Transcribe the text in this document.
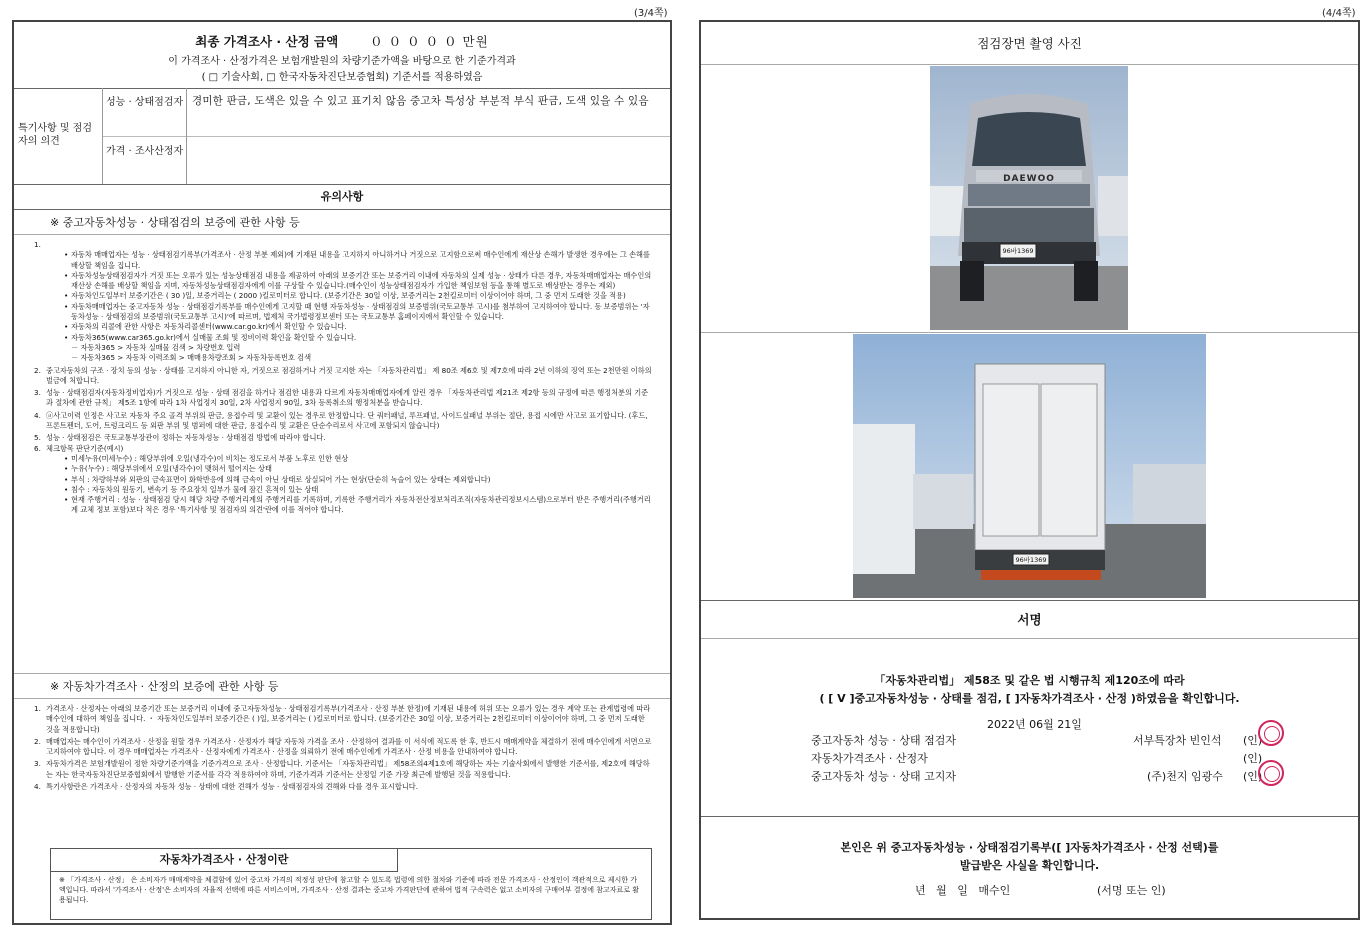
(3/4쪽)	(4/4쪽)
최종 가격조사 · 산정 금액	０ ０ ０ ０ ０ 만원
이 가격조사 · 산정가격은 보험개발원의 차량기준가액을 바탕으로 한 기준가격과
( □ 기술사회, □ 한국자동차진단보증협회) 기준서를 적용하였음
특기사항 및 점검자의 의견
성능 · 상태점검자 경미한 판금, 도색은 있을 수 있고 표기치 않음 중고차 특성상 부분적 부식 판금, 도색 있을 수 있음
가격 · 조사산정자
유의사항
※ 중고자동차성능 · 상태점검의 보증에 관한 사항 등
1.
• 자동차 매매업자는 성능 · 상태점검기록부(가격조사 · 산정 부분 제외)에 기재된 내용을 고지하지 아니하거나 거짓으로 고지함으로써 매수인에게 재산상 손해가 발생한 경우에는 그 손해를 배상할 책임을 집니다.
• 자동차성능상태점검자가 거짓 또는 오류가 있는 성능상태점검 내용을 제공하여 아래의 보증기간 또는 보증거리 이내에 자동차의 실제 성능 · 상태가 다른 경우, 자동차매매업자는 매수인의 재산상 손해를 배상할 책임을 지며, 자동차성능상태점검자에게 이를 구상할 수 있습니다.(매수인이 성능상태점검자가 가입한 책임보험 등을 통해 별도로 배상받는 경우는 제외)
• 자동차인도일부터 보증기간은 ( 30 )일, 보증거리는 ( 2000 )킬로미터로 합니다. (보증기간은 30일 이상, 보증거리는 2천킬로미터 이상이어야 하며, 그 중 먼저 도래한 것을 적용)
• 자동차매매업자는 중고자동차 성능 · 상태점검기록부를 매수인에게 고지할 때 현행 자동차성능 · 상태점검의 보증범위(국토교통부 고시)를 첨부하여 고지하여야 합니다. 동 보증범위는 '자동차성능 · 상태점검의 보증범위(국토교통부 고시)'에 따르며, 법제처 국가법령정보센터 또는 국토교통부 홈페이지에서 확인할 수 있습니다.
• 자동차의 리콜에 관한 사항은 자동차리콜센터(www.car.go.kr)에서 확인할 수 있습니다.
• 자동차365(www.car365.go.kr)에서 실매물 조회 및 정비이력 확인을 확인할 수 있습니다.
－ 자동차365 > 자동차 실매물 검색 > 차량번호 입력
－ 자동차365 > 자동차 이력조회 > 매매용차량조회 > 자동차등록번호 검색
2. 중고자동차의 구조 · 장치 등의 성능 · 상태를 고지하지 아니한 자, 거짓으로 점검하거나 거짓 고지한 자는 「자동차관리법」 제 80조 제6호 및 제7호에 따라 2년 이하의 징역 또는 2천만원 이하의 벌금에 처합니다.
3. 성능 · 상태점검자(자동차정비업자)가 거짓으로 성능 · 상태 점검을 하거나 점검한 내용과 다르게 자동차매매업자에게 알린 경우 「자동차관리법 제21조 제2항 등의 규정에 따른 행정처분의 기준과 절차에 관한 규칙」 제5조 1항에 따라 1차 사업정지 30일, 2차 사업정지 90일, 3차 등록취소의 행정처분을 받습니다.
4. ⓐ사고이력 인정은 사고로 자동차 주요 골격 부위의 판금, 용접수리 및 교환이 있는 경우로 한정합니다. 단 쿼터패널, 루프패널, 사이드실패널 부위는 절단, 용접 시에만 사고로 표기합니다. (후드, 프론트펜더, 도어, 트렁크리드 등 외판 부위 및 범퍼에 대한 판금, 용접수리 및 교환은 단순수리로서 사고에 포함되지 않습니다)
5. 성능 · 상태점검은 국토교통부장관이 정하는 자동차성능 · 상태점검 방법에 따라야 합니다.
6. 체크항목 판단기준(예시)
• 미세누유(미세누수) : 해당부위에 오일(냉각수)이 비치는 정도로서 부품 노후로 인한 현상
• 누유(누수) : 해당부위에서 오일(냉각수)이 맺혀서 떨어지는 상태
• 부식 : 차량하부와 외판의 금속표면이 화학반응에 의해 금속이 아닌 상태로 상실되어 가는 현상(단순히 녹슬어 있는 상태는 제외합니다)
• 침수 : 자동차의 원동기, 변속기 등 주요장치 일부가 물에 잠긴 흔적이 있는 상태
• 현재 주행거리 : 성능 · 상태점검 당시 해당 차량 주행거리계의 주행거리를 기록하며, 기록한 주행거리가 자동차전산정보처리조직(자동차관리정보시스템)으로부터 받은 주행거리(주행거리계 교체 정보 포함)보다 적은 경우 '특기사항 및 점검자의 의견'란에 이를 적어야 합니다.
※ 자동차가격조사 · 산정의 보증에 관한 사항 등
1. 가격조사 · 산정자는 아래의 보증기간 또는 보증거리 이내에 중고자동차성능 · 상태점검기록부(가격조사 · 산정 부분 한정)에 기재된 내용에 허위 또는 오류가 있는 경우 계약 또는 관계법령에 따라 매수인에 대하여 책임을 집니다. ・ 자동차인도일부터 보증기간은 ( )일, 보증거리는 ( )킬로미터로 합니다. (보증기간은 30일 이상, 보증거리는 2천킬로미터 이상이어야 하며, 그 중 먼저 도래한 것을 적용합니다)
2. 매매업자는 매수인이 가격조사 · 산정을 원할 경우 가격조사 · 산정자가 해당 자동차 가격을 조사 · 산정하여 결과를 이 서식에 적도록 한 후, 반드시 매매계약을 체결하기 전에 매수인에게 서면으로 고지하여야 합니다. 이 경우 매매업자는 가격조사 · 산정자에게 가격조사 · 산정을 의뢰하기 전에 매수인에게 가격조사 · 산정 비용을 안내하여야 합니다.
3. 자동차가격은 보험개발원이 정한 차량기준가액을 기준가격으로 조사 · 산정합니다. 기준서는 「자동차관리법」 제58조의4제1호에 해당하는 자는 기술사회에서 발행한 기준서를, 제2호에 해당하는 자는 한국자동차진단보증협회에서 발행한 기준서를 각각 적용하여야 하며, 기준가격과 기준서는 산정일 기준 가장 최근에 발행된 것을 적용합니다.
4. 특기사항란은 가격조사 · 산정자의 자동차 성능 · 상태에 대한 견해가 성능 · 상태점검자의 견해와 다를 경우 표시합니다.
자동차가격조사 · 산정이란
※ 「가격조사 · 산정」 은 소비자가 매매계약을 체결함에 있어 중고차 가격의 적정성 판단에 참고할 수 있도록 법령에 의한 절차와 기준에 따라 전문 가격조사 · 산정인이 객관적으로 제시한 가액입니다. 따라서 '가격조사 · 산정'은 소비자의 자율적 선택에 따른 서비스이며, 가격조사 · 산정 결과는 중고차 가격판단에 관하여 법적 구속력은 없고 소비자의 구매여부 결정에 참고자료로 활용됩니다.
점검장면 촬영 사진
DAEWOO
96바1369
96바1369
서명
「자동차관리법」 제58조 및 같은 법 시행규칙 제120조에 따라
( [ V ]중고자동차성능 · 상태를 점검, [ ]자동차가격조사 · 산정 )하였음을 확인합니다.
2022년 06월 21일
중고자동차 성능 · 상태 점검자	서부특장차 빈인석 (인)
자동차가격조사 · 산정자	(인)
중고자동차 성능 · 상태 고지자	(주)천지 임광수 (인)
본인은 위 중고자동차성능 · 상태점검기록부([ ]자동차가격조사 · 산정 선택)를
발급받은 사실을 확인합니다.
년   월   일   매수인	(서명 또는 인)
